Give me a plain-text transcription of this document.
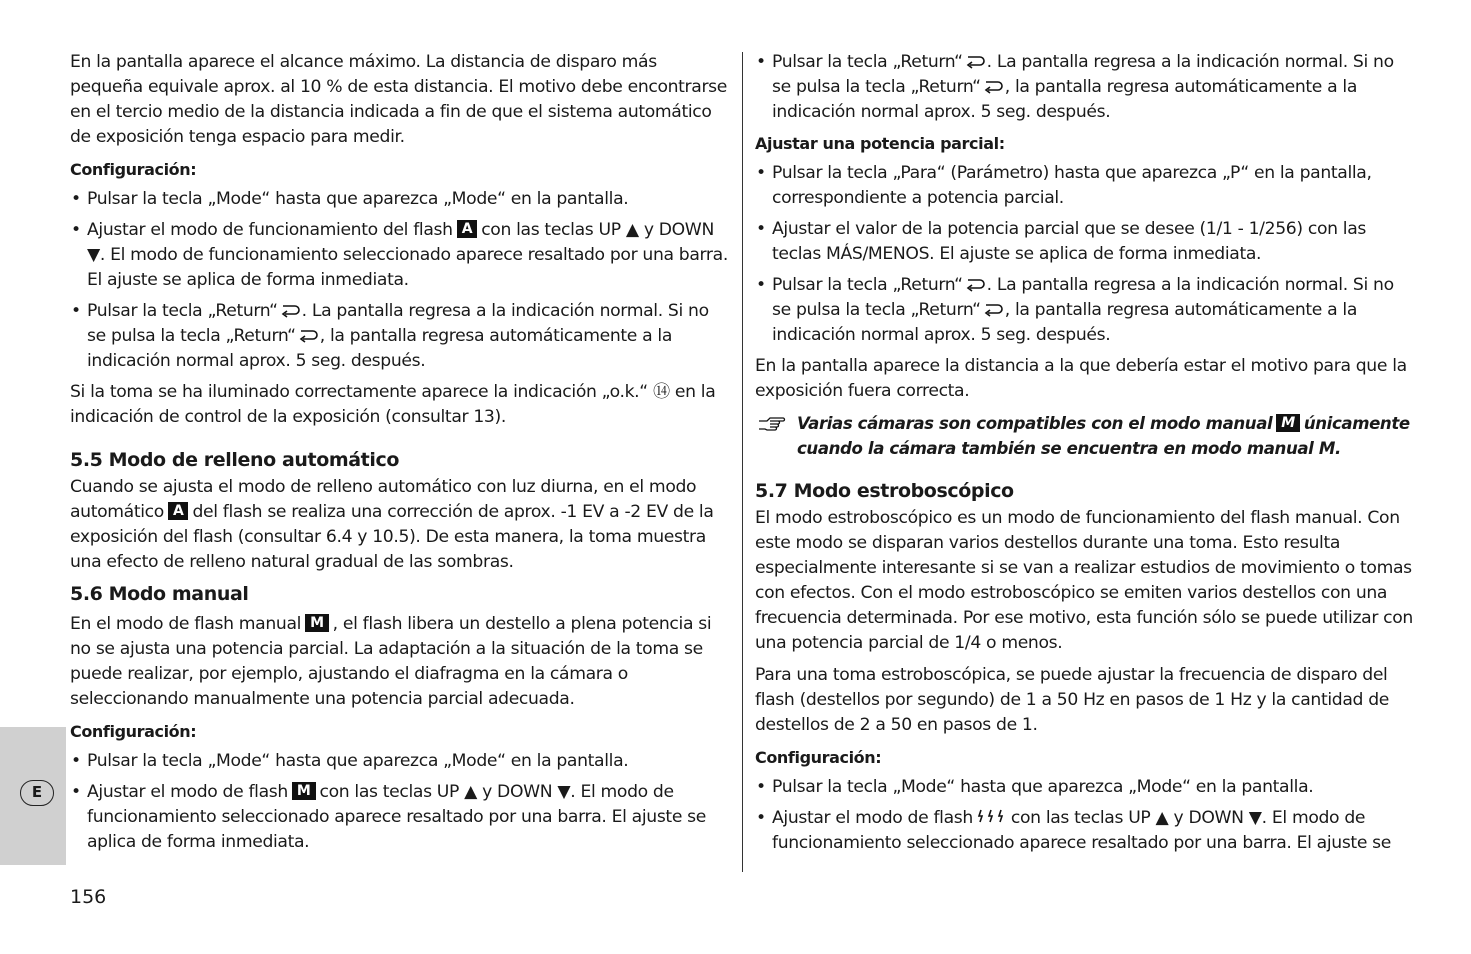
E

En la pantalla aparece el alcance máximo. La distancia de disparo más pequeña equivale aprox. al 10 % de esta distancia. El motivo debe encontrarse en el tercio medio de la distancia indicada a fin de que el sistema automático de exposición tenga espacio para medir.

Configuración:

• Pulsar la tecla „Mode“ hasta que aparezca „Mode“ en la pantalla.
• Ajustar el modo de funcionamiento del flash A con las teclas UP ▲ y DOWN ▼. El modo de funcionamiento seleccionado aparece resaltado por una barra. El ajuste se aplica de forma inmediata.
• Pulsar la tecla „Return“ . La pantalla regresa a la indicación normal. Si no se pulsa la tecla „Return“ , la pantalla regresa automáticamente a la indicación normal aprox. 5 seg. después.

Si la toma se ha iluminado correctamente aparece la indicación „o.k.“ ⑭ en la indicación de control de la exposición (consultar 13).

5.5 Modo de relleno automático

Cuando se ajusta el modo de relleno automático con luz diurna, en el modo automático A del flash se realiza una corrección de aprox. -1 EV a -2 EV de la exposición del flash (consultar 6.4 y 10.5). De esta manera, la toma muestra una efecto de relleno natural gradual de las sombras.

5.6 Modo manual

En el modo de flash manual M , el flash libera un destello a plena potencia si no se ajusta una potencia parcial. La adaptación a la situación de la toma se puede realizar, por ejemplo, ajustando el diafragma en la cámara o seleccionando manualmente una potencia parcial adecuada.

Configuración:

• Pulsar la tecla „Mode“ hasta que aparezca „Mode“ en la pantalla.
• Ajustar el modo de flash M con las teclas UP ▲ y DOWN ▼. El modo de funcionamiento seleccionado aparece resaltado por una barra. El ajuste se aplica de forma inmediata.
• Pulsar la tecla „Return“ . La pantalla regresa a la indicación normal. Si no se pulsa la tecla „Return“ , la pantalla regresa automáticamente a la indicación normal aprox. 5 seg. después.

Ajustar una potencia parcial:

• Pulsar la tecla „Para“ (Parámetro) hasta que aparezca „P“ en la pantalla, correspondiente a potencia parcial.
• Ajustar el valor de la potencia parcial que se desee (1/1 - 1/256) con las teclas MÁS/MENOS. El ajuste se aplica de forma inmediata.
• Pulsar la tecla „Return“ . La pantalla regresa a la indicación normal. Si no se pulsa la tecla „Return“ , la pantalla regresa automáticamente a la indicación normal aprox. 5 seg. después.

En la pantalla aparece la distancia a la que debería estar el motivo para que la exposición fuera correcta.

Varias cámaras son compatibles con el modo manual M únicamente cuando la cámara también se encuentra en modo manual M.

5.7 Modo estroboscópico

El modo estroboscópico es un modo de funcionamiento del flash manual. Con este modo se disparan varios destellos durante una toma. Esto resulta especialmente interesante si se van a realizar estudios de movimiento o tomas con efectos. Con el modo estroboscópico se emiten varios destellos con una frecuencia determinada. Por ese motivo, esta función sólo se puede utilizar con una potencia parcial de 1/4 o menos.

Para una toma estroboscópica, se puede ajustar la frecuencia de disparo del flash (destellos por segundo) de 1 a 50 Hz en pasos de 1 Hz y la cantidad de destellos de 2 a 50 en pasos de 1.

Configuración:

• Pulsar la tecla „Mode“ hasta que aparezca „Mode“ en la pantalla.
• Ajustar el modo de flash con las teclas UP ▲ y DOWN ▼. El modo de funcionamiento seleccionado aparece resaltado por una barra. El ajuste se
156
